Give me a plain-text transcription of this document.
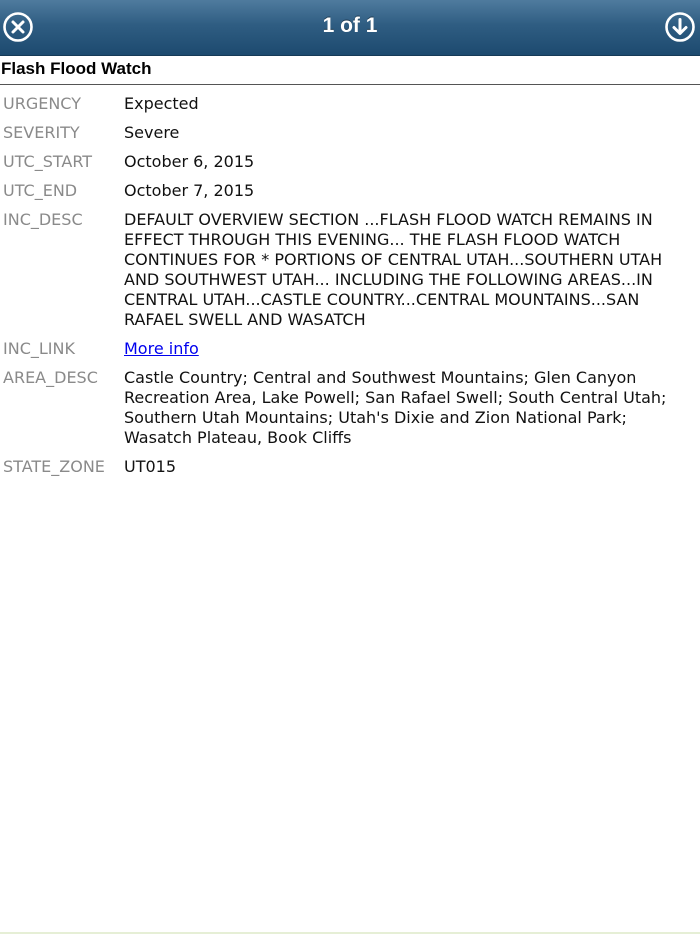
1 of 1
Flash Flood Watch
URGENCY	Expected
SEVERITY	Severe
UTC_START	October 6, 2015
UTC_END	October 7, 2015
INC_DESC	DEFAULT OVERVIEW SECTION ...FLASH FLOOD WATCH REMAINS IN EFFECT THROUGH THIS EVENING... THE FLASH FLOOD WATCH CONTINUES FOR * PORTIONS OF CENTRAL UTAH...SOUTHERN UTAH AND SOUTHWEST UTAH... INCLUDING THE FOLLOWING AREAS...IN CENTRAL UTAH...CASTLE COUNTRY...CENTRAL MOUNTAINS...SAN RAFAEL SWELL AND WASATCH
INC_LINK	More info
AREA_DESC	Castle Country; Central and Southwest Mountains; Glen Canyon Recreation Area, Lake Powell; San Rafael Swell; South Central Utah; Southern Utah Mountains; Utah's Dixie and Zion National Park; Wasatch Plateau, Book Cliffs
STATE_ZONE	UT015
